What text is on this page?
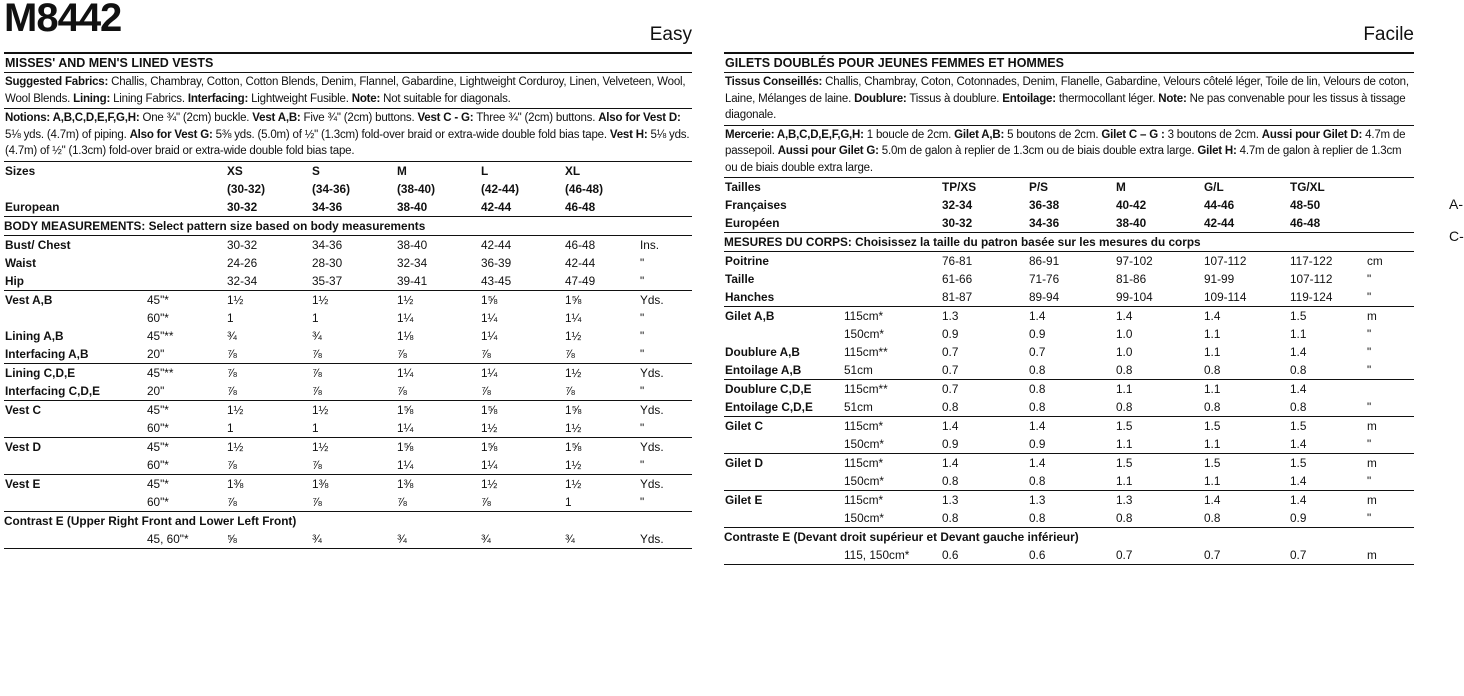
M8442	Easy
MISSES' AND MEN'S LINED VESTS
Suggested Fabrics: Challis, Chambray, Cotton, Cotton Blends, Denim, Flannel, Gabardine, Lightweight Corduroy, Linen, Velveteen, Wool, Wool Blends. Lining: Lining Fabrics. Interfacing: Lightweight Fusible. Note: Not suitable for diagonals.
Notions: A,B,C,D,E,F,G,H: One ¾" (2cm) buckle. Vest A,B: Five ¾" (2cm) buttons. Vest C - G: Three ¾" (2cm) buttons. Also for Vest D: 5⅛ yds. (4.7m) of piping. Also for Vest G: 5⅜ yds. (5.0m) of ½" (1.3cm) fold-over braid or extra-wide double fold bias tape. Vest H: 5⅛ yds. (4.7m) of ½" (1.3cm) fold-over braid or extra-wide double fold bias tape.
Sizes	XS	S	M	L	XL
(30-32)	(34-36)	(38-40)	(42-44)	(46-48)
European	30-32	34-36	38-40	42-44	46-48
BODY MEASUREMENTS: Select pattern size based on body measurements
Bust/ Chest	30-32	34-36	38-40	42-44	46-48	Ins.
Waist	24-26	28-30	32-34	36-39	42-44	"
Hip	32-34	35-37	39-41	43-45	47-49	"
Vest A,B	45"*	1½	1½	1½	1⅝	1⅝	Yds.
60"*	1	1	1¼	1¼	1¼	"
Lining A,B	45"**	¾	¾	1⅛	1¼	1½	"
Interfacing A,B	20"	⅞	⅞	⅞	⅞	⅞	"
Lining C,D,E	45"**	⅞	⅞	1¼	1¼	1½	Yds.
Interfacing C,D,E	20"	⅞	⅞	⅞	⅞	⅞	"
Vest C	45"*	1½	1½	1⅝	1⅝	1⅝	Yds.
60"*	1	1	1¼	1½	1½	"
Vest D	45"*	1½	1½	1⅝	1⅝	1⅝	Yds.
60"*	⅞	⅞	1¼	1¼	1½	"
Vest E	45"*	1⅜	1⅜	1⅜	1½	1½	Yds.
60"*	⅞	⅞	⅞	⅞	1	"
Contrast E (Upper Right Front and Lower Left Front)
45, 60"*	⅝	¾	¾	¾	¾	Yds.
Facile
GILETS DOUBLÉS POUR JEUNES FEMMES ET HOMMES
Tissus Conseillés: Challis, Chambray, Coton, Cotonnades, Denim, Flanelle, Gabardine, Velours côtelé léger, Toile de lin, Velours de coton, Laine, Mélanges de laine. Doublure: Tissus à doublure. Entoilage: thermocollant léger. Note: Ne pas convenable pour les tissus à tissage diagonale.
Mercerie: A,B,C,D,E,F,G,H: 1 boucle de 2cm. Gilet A,B: 5 boutons de 2cm. Gilet C – G : 3 boutons de 2cm. Aussi pour Gilet D: 4.7m de passepoil. Aussi pour Gilet G: 5.0m de galon à replier de 1.3cm ou de biais double extra large. Gilet H: 4.7m de galon à replier de 1.3cm ou de biais double extra large.
Tailles	TP/XS	P/S	M	G/L	TG/XL
Françaises	32-34	36-38	40-42	44-46	48-50
Européen	30-32	34-36	38-40	42-44	46-48
MESURES DU CORPS: Choisissez la taille du patron basée sur les mesures du corps
Poitrine	76-81	86-91	97-102	107-112	117-122	cm
Taille	61-66	71-76	81-86	91-99	107-112	"
Hanches	81-87	89-94	99-104	109-114	119-124	"
Gilet A,B	115cm*	1.3	1.4	1.4	1.4	1.5	m
150cm*	0.9	0.9	1.0	1.1	1.1	"
Doublure A,B	115cm**	0.7	0.7	1.0	1.1	1.4	"
Entoilage A,B	51cm	0.7	0.8	0.8	0.8	0.8	"
Doublure C,D,E	115cm**	0.7	0.8	1.1	1.1	1.4
Entoilage C,D,E	51cm	0.8	0.8	0.8	0.8	0.8	"
Gilet C	115cm*	1.4	1.4	1.5	1.5	1.5	m
150cm*	0.9	0.9	1.1	1.1	1.4	"
Gilet D	115cm*	1.4	1.4	1.5	1.5	1.5	m
150cm*	0.8	0.8	1.1	1.1	1.4	"
Gilet E	115cm*	1.3	1.3	1.3	1.4	1.4	m
150cm*	0.8	0.8	0.8	0.8	0.9	"
Contraste E (Devant droit supérieur et Devant gauche inférieur)
115, 150cm*	0.6	0.6	0.7	0.7	0.7	m
A-
C-
